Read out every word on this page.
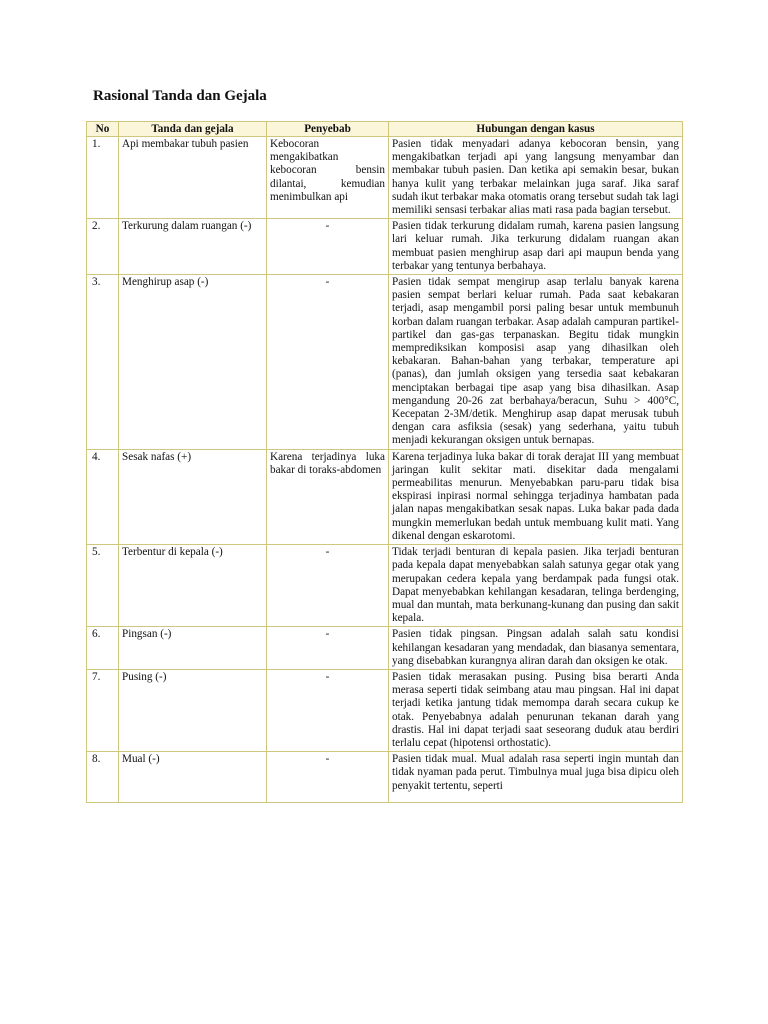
Rasional Tanda dan Gejala
No	Tanda dan gejala	Penyebab	Hubungan dengan kasus
1.	Api membakar tubuh pasien	Kebocoran mengakibatkan kebocoran bensin dilantai, kemudian menimbulkan api	Pasien tidak menyadari adanya kebocoran bensin, yang mengakibatkan terjadi api yang langsung menyambar dan membakar tubuh pasien. Dan ketika api semakin besar, bukan hanya kulit yang terbakar melainkan juga saraf. Jika saraf sudah ikut terbakar maka otomatis orang tersebut sudah tak lagi memiliki sensasi terbakar alias mati rasa pada bagian tersebut.
2.	Terkurung dalam ruangan (-)	-	Pasien tidak terkurung didalam rumah, karena pasien langsung lari keluar rumah. Jika terkurung didalam ruangan akan membuat pasien menghirup asap dari api maupun benda yang terbakar yang tentunya berbahaya.
3.	Menghirup asap (-)	-	Pasien tidak sempat mengirup asap terlalu banyak karena pasien sempat berlari keluar rumah. Pada saat kebakaran terjadi, asap mengambil porsi paling besar untuk membunuh korban dalam ruangan terbakar. Asap adalah campuran partikel-partikel dan gas-gas terpanaskan. Begitu tidak mungkin memprediksikan komposisi asap yang dihasilkan oleh kebakaran. Bahan-bahan yang terbakar, temperature api (panas), dan jumlah oksigen yang tersedia saat kebakaran menciptakan berbagai tipe asap yang bisa dihasilkan. Asap mengandung 20-26 zat berbahaya/beracun, Suhu > 400°C, Kecepatan 2-3M/detik. Menghirup asap dapat merusak tubuh dengan cara asfiksia (sesak) yang sederhana, yaitu tubuh menjadi kekurangan oksigen untuk bernapas.
4.	Sesak nafas (+)	Karena terjadinya luka bakar di toraks-abdomen	Karena terjadinya luka bakar di torak derajat III yang membuat jaringan kulit sekitar mati. disekitar dada mengalami permeabilitas menurun. Menyebabkan paru-paru tidak bisa ekspirasi inpirasi normal sehingga terjadinya hambatan pada jalan napas mengakibatkan sesak napas. Luka bakar pada dada mungkin memerlukan bedah untuk membuang kulit mati. Yang dikenal dengan eskarotomi.
5.	Terbentur di kepala (-)	-	Tidak terjadi benturan di kepala pasien. Jika terjadi benturan pada kepala dapat menyebabkan salah satunya gegar otak yang merupakan cedera kepala yang berdampak pada fungsi otak. Dapat menyebabkan kehilangan kesadaran, telinga berdenging, mual dan muntah, mata berkunang-kunang dan pusing dan sakit kepala.
6.	Pingsan (-)	-	Pasien tidak pingsan. Pingsan adalah salah satu kondisi kehilangan kesadaran yang mendadak, dan biasanya sementara, yang disebabkan kurangnya aliran darah dan oksigen ke otak.
7.	Pusing (-)	-	Pasien tidak merasakan pusing. Pusing bisa berarti Anda merasa seperti tidak seimbang atau mau pingsan. Hal ini dapat terjadi ketika jantung tidak memompa darah secara cukup ke otak. Penyebabnya adalah penurunan tekanan darah yang drastis. Hal ini dapat terjadi saat seseorang duduk atau berdiri terlalu cepat (hipotensi orthostatic).
8.	Mual (-)	-	Pasien tidak mual. Mual adalah rasa seperti ingin muntah dan tidak nyaman pada perut. Timbulnya mual juga bisa dipicu oleh penyakit tertentu, seperti
